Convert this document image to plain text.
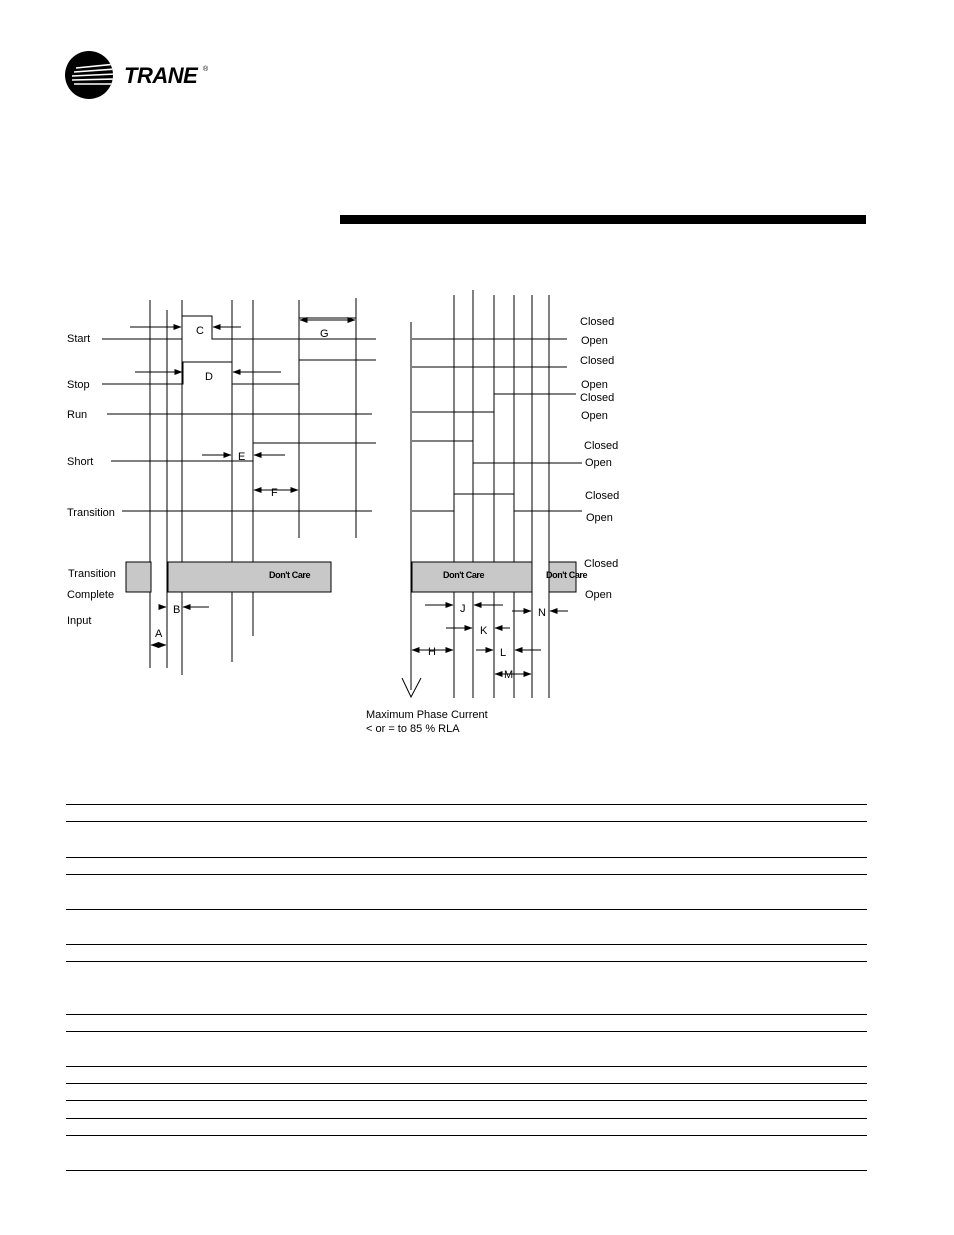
TRANE ®
Don't Care
Start
Stop
Run
Short
Transition
Transition
Complete
Input
C
D
E
F
G
B
A
Don't Care	Don't Care
J
K
H	L
M
N
Closed
Open
Closed
Open
Closed
Open
Closed
Open
Closed
Open
Closed
Open
Maximum Phase Current
< or = to 85 % RLA
